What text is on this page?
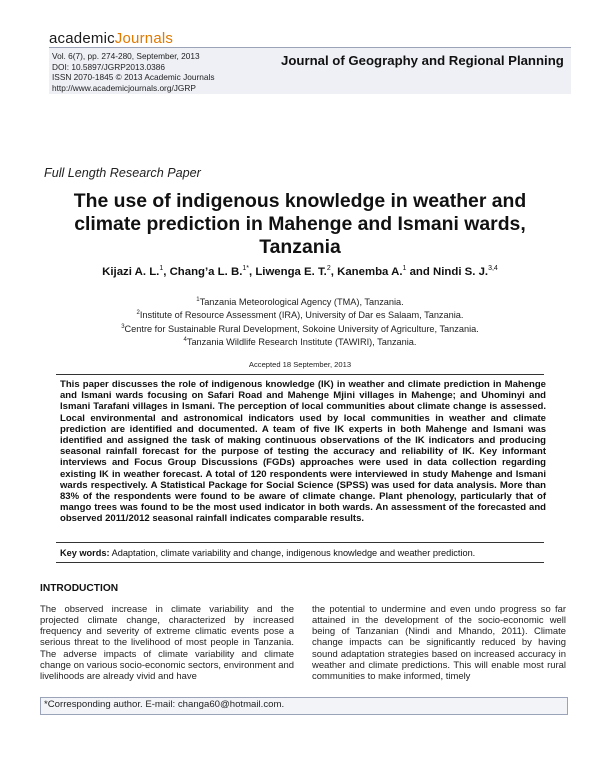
academicJournals
Vol. 6(7), pp. 274-280, September, 2013
DOI: 10.5897/JGRP2013.0386
ISSN 2070-1845 © 2013 Academic Journals
http://www.academicjournals.org/JGRP
Journal of Geography and Regional Planning
Full Length Research Paper
The use of indigenous knowledge in weather and climate prediction in Mahenge and Ismani wards, Tanzania
Kijazi A. L.$^1$, Chang’a L. B.$^{1*}$, Liwenga E. T.$^2$, Kanemba A.$^1$ and Nindi S. J.$^{3,4}$
$^1$Tanzania Meteorological Agency (TMA), Tanzania.
$^2$Institute of Resource Assessment (IRA), University of Dar es Salaam, Tanzania.
$^3$Centre for Sustainable Rural Development, Sokoine University of Agriculture, Tanzania.
$^4$Tanzania Wildlife Research Institute (TAWIRI), Tanzania.
Accepted 18 September, 2013
This paper discusses the role of indigenous knowledge (IK) in weather and climate prediction in Mahenge and Ismani wards focusing on Safari Road and Mahenge Mjini villages in Mahenge; and Uhominyi and Ismani Tarafani villages in Ismani. The perception of local communities about climate change is assessed. Local environmental and astronomical indicators used by local communities in weather and climate prediction are identified and documented. A team of five IK experts in both Mahenge and Ismani was identified and assigned the task of making continuous observations of the IK indicators and producing seasonal rainfall forecast for the purpose of testing the accuracy and reliability of IK. Key informant interviews and Focus Group Discussions (FGDs) approaches were used in data collection regarding existing IK in weather forecast. A total of 120 respondents were interviewed in study Mahenge and Ismani wards respectively. A Statistical Package for Social Science (SPSS) was used for data analysis. More than 83% of the respondents were found to be aware of climate change. Plant phenology, particularly that of mango trees was found to be the most used indicator in both wards. An assessment of the forecasted and observed 2011/2012 seasonal rainfall indicates comparable results.
Key words: Adaptation, climate variability and change, indigenous knowledge and weather prediction.
INTRODUCTION
The observed increase in climate variability and the projected climate change, characterized by increased frequency and severity of extreme climatic events pose a serious threat to the livelihood of most people in Tanzania. The adverse impacts of climate variability and climate change on various socio-economic sectors, environment and livelihoods are already vivid and have
the potential to undermine and even undo progress so far attained in the development of the socio-economic well being of Tanzanian (Nindi and Mhando, 2011). Climate change impacts can be significantly reduced by having sound adaptation strategies based on increased accuracy in weather and climate predictions. This will enable most rural communities to make informed, timely
*Corresponding author. E-mail: changa60@hotmail.com.
